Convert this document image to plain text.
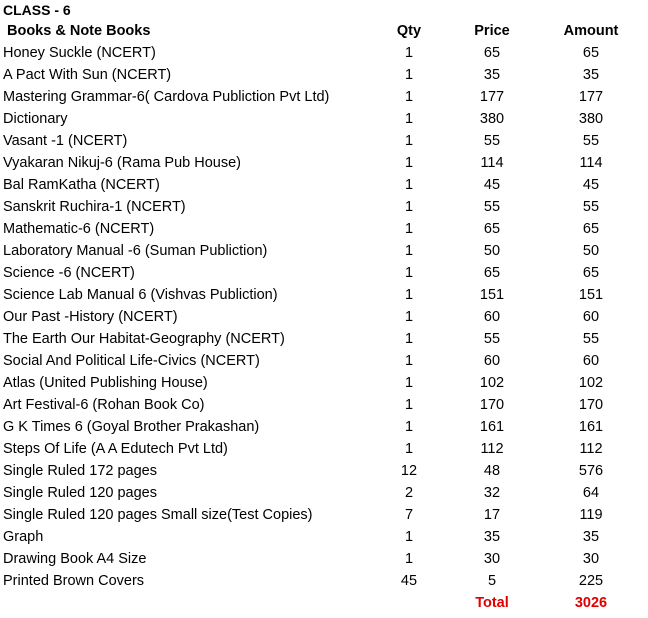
CLASS - 6
Books & Note Books	Qty	Price	Amount
Honey Suckle (NCERT)	1	65	65
A Pact With Sun (NCERT)	1	35	35
Mastering Grammar-6( Cardova Publiction Pvt Ltd)	1	177	177
Dictionary	1	380	380
Vasant -1 (NCERT)	1	55	55
Vyakaran Nikuj-6 (Rama Pub House)	1	114	114
Bal RamKatha (NCERT)	1	45	45
Sanskrit Ruchira-1 (NCERT)	1	55	55
Mathematic-6 (NCERT)	1	65	65
Laboratory Manual -6 (Suman Publiction)	1	50	50
Science -6 (NCERT)	1	65	65
Science Lab Manual 6 (Vishvas Publiction)	1	151	151
Our Past -History (NCERT)	1	60	60
The Earth Our Habitat-Geography (NCERT)	1	55	55
Social And Political Life-Civics (NCERT)	1	60	60
Atlas (United Publishing House)	1	102	102
Art Festival-6 (Rohan Book Co)	1	170	170
G K Times 6 (Goyal Brother Prakashan)	1	161	161
Steps Of Life (A A Edutech Pvt Ltd)	1	112	112
Single Ruled 172 pages	12	48	576
Single Ruled 120 pages	2	32	64
Single Ruled 120 pages Small size(Test Copies)	7	17	119
Graph	1	35	35
Drawing Book A4 Size	1	30	30
Printed Brown Covers	45	5	225
		Total	3026
